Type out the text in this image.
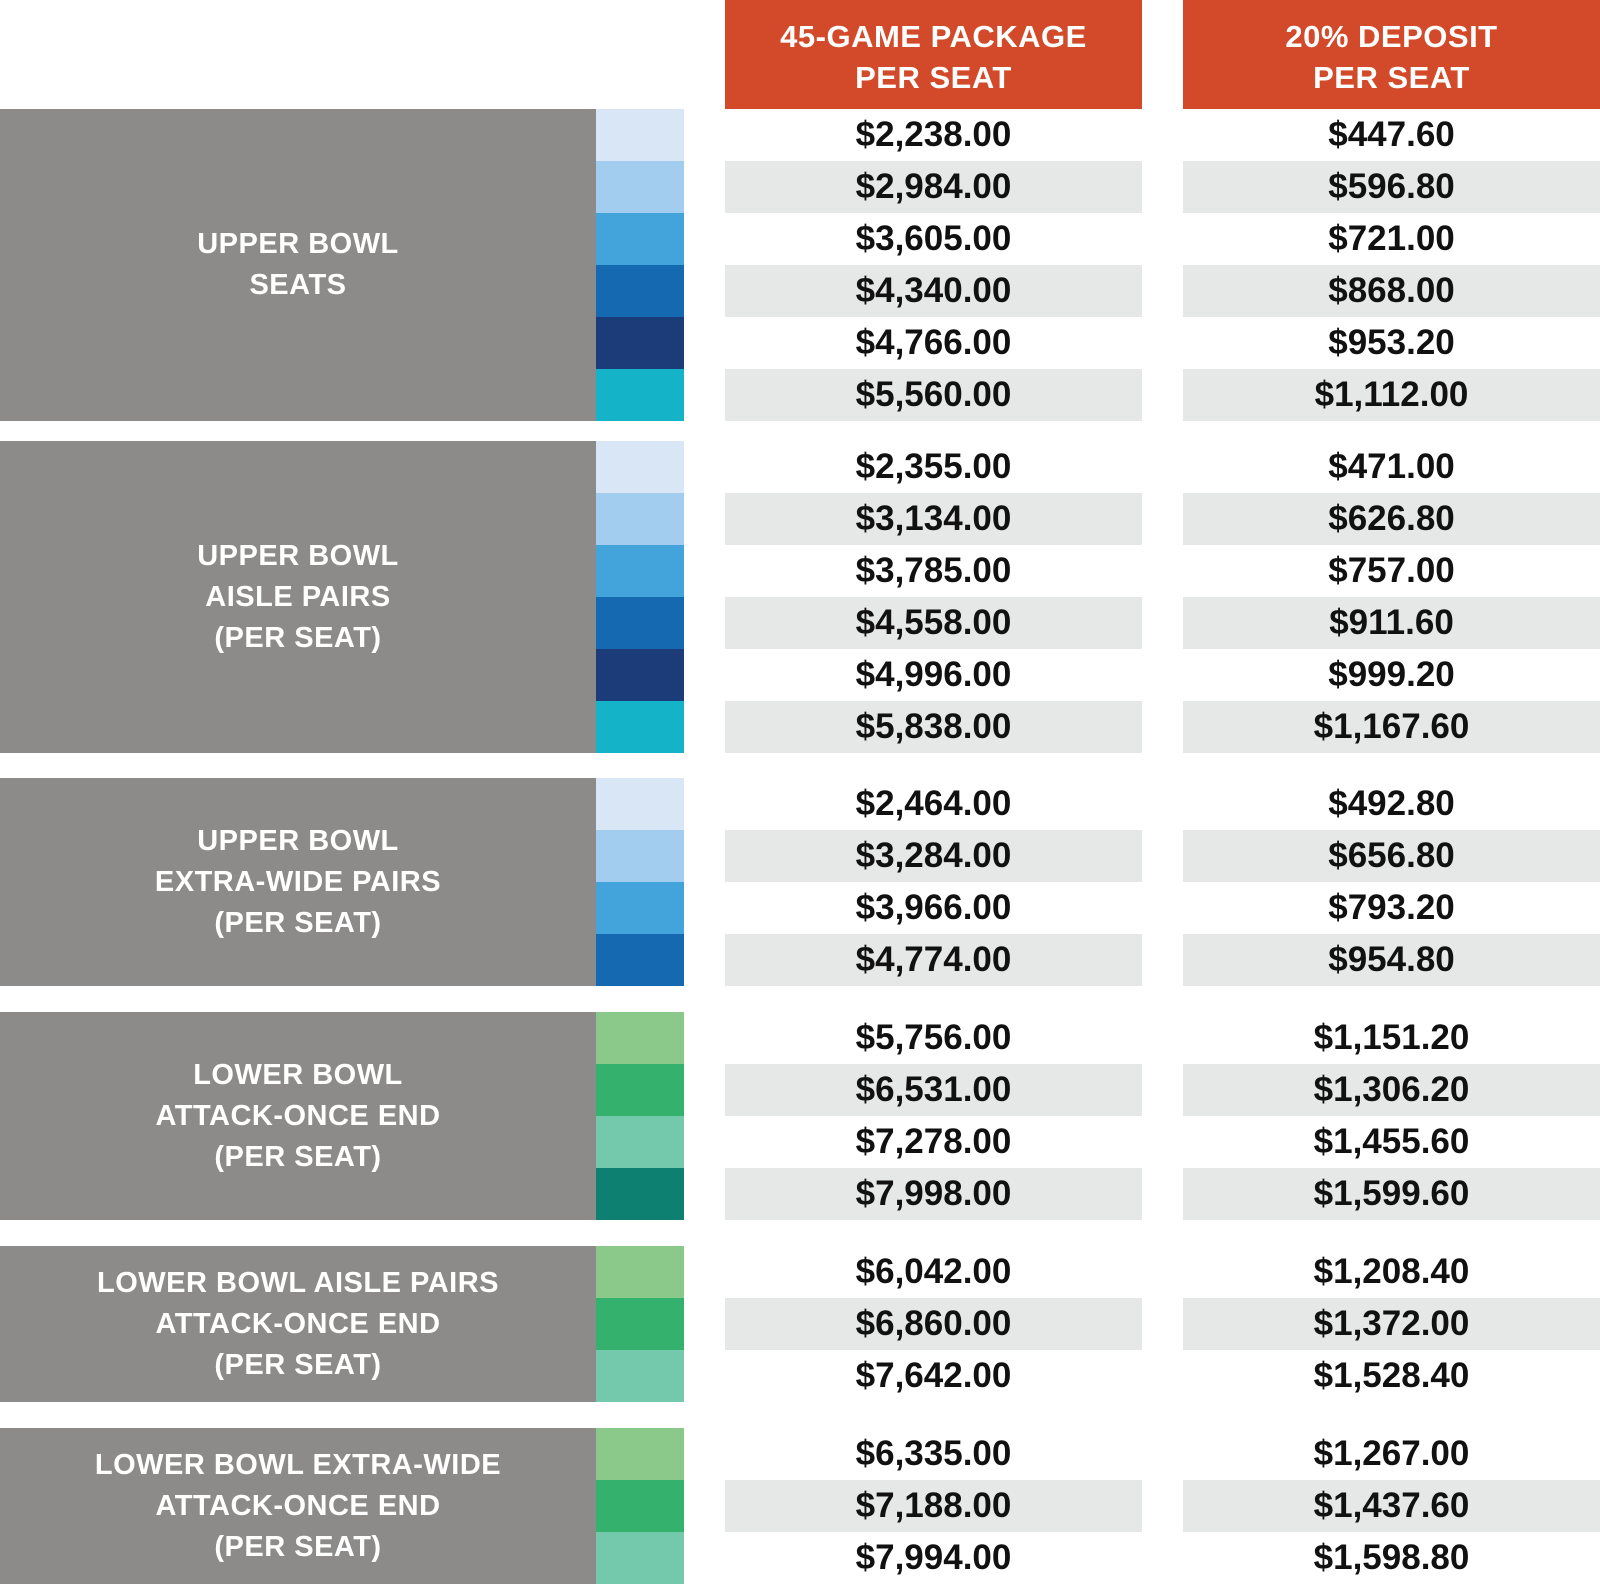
45-GAME PACKAGE
PER SEAT
20% DEPOSIT
PER SEAT
UPPER BOWL
SEATS
$2,238.00	$447.60
$2,984.00	$596.80
$3,605.00	$721.00
$4,340.00	$868.00
$4,766.00	$953.20
$5,560.00	$1,112.00
UPPER BOWL
AISLE PAIRS
(PER SEAT)
$2,355.00	$471.00
$3,134.00	$626.80
$3,785.00	$757.00
$4,558.00	$911.60
$4,996.00	$999.20
$5,838.00	$1,167.60
UPPER BOWL
EXTRA-WIDE PAIRS
(PER SEAT)
$2,464.00	$492.80
$3,284.00	$656.80
$3,966.00	$793.20
$4,774.00	$954.80
LOWER BOWL
ATTACK-ONCE END
(PER SEAT)
$5,756.00	$1,151.20
$6,531.00	$1,306.20
$7,278.00	$1,455.60
$7,998.00	$1,599.60
LOWER BOWL AISLE PAIRS
ATTACK-ONCE END
(PER SEAT)
$6,042.00	$1,208.40
$6,860.00	$1,372.00
$7,642.00	$1,528.40
LOWER BOWL EXTRA-WIDE
ATTACK-ONCE END
(PER SEAT)
$6,335.00	$1,267.00
$7,188.00	$1,437.60
$7,994.00	$1,598.80
